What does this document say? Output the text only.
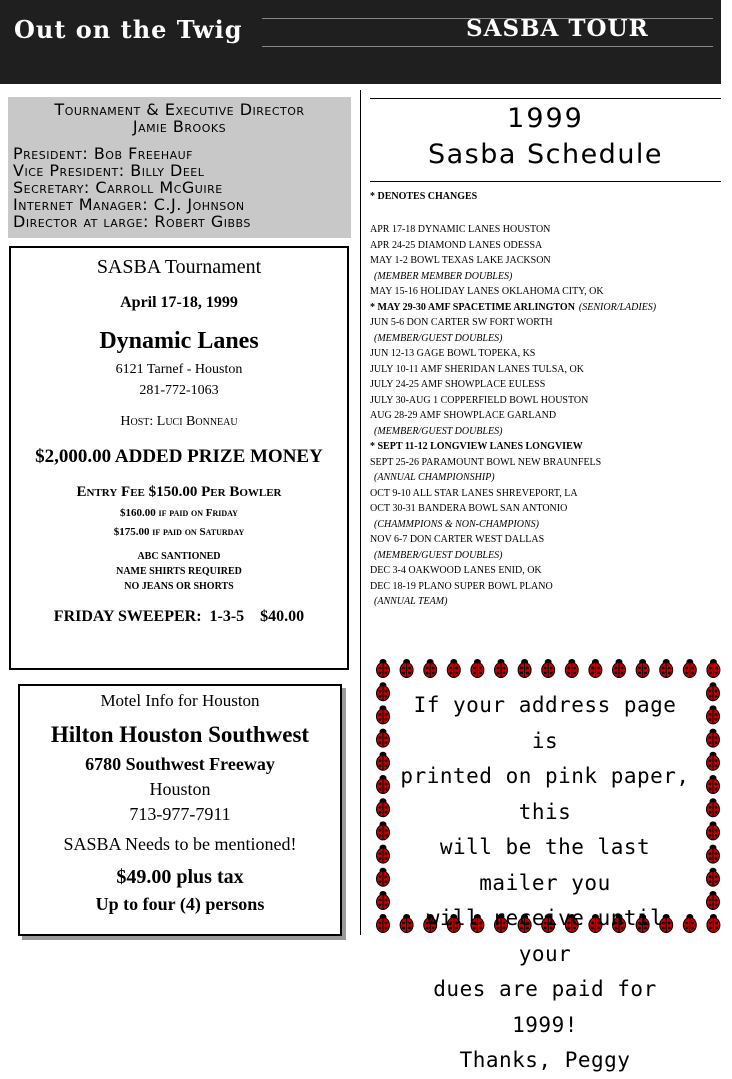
Out on the Twig	SASBA TOUR
Tournament & Executive Director
Jamie Brooks
President: Bob Freehauf
Vice President: Billy Deel
Secretary: Carroll McGuire
Internet Manager: C.J. Johnson
Director at large: Robert Gibbs
SASBA Tournament
April 17-18, 1999
Dynamic Lanes
6121 Tarnef - Houston
281-772-1063
Host: Luci Bonneau
$2,000.00 ADDED PRIZE MONEY
Entry Fee $150.00 Per Bowler
$160.00 if paid on Friday
$175.00 if paid on Saturday
ABC SANTIONED
NAME SHIRTS REQUIRED
NO JEANS OR SHORTS
FRIDAY SWEEPER:  1-3-5    $40.00
Motel Info for Houston
Hilton Houston Southwest
6780 Southwest Freeway
Houston
713-977-7911
SASBA Needs to be mentioned!
$49.00 plus tax
Up to four (4) persons
1999
Sasba Schedule
* DENOTES CHANGES
APR 17-18 DYNAMIC LANES HOUSTON
APR 24-25 DIAMOND LANES ODESSA
MAY 1-2 BOWL TEXAS LAKE JACKSON
(MEMBER MEMBER DOUBLES)
MAY 15-16 HOLIDAY LANES OKLAHOMA CITY, OK
* MAY 29-30 AMF SPACETIME ARLINGTON (SENIOR/LADIES)
JUN 5-6 DON CARTER SW FORT WORTH
(MEMBER/GUEST DOUBLES)
JUN 12-13 GAGE BOWL TOPEKA, KS
JULY 10-11 AMF SHERIDAN LANES TULSA, OK
JULY 24-25 AMF SHOWPLACE EULESS
JULY 30-AUG 1 COPPERFIELD BOWL HOUSTON
AUG 28-29 AMF SHOWPLACE GARLAND
(MEMBER/GUEST DOUBLES)
* SEPT 11-12 LONGVIEW LANES LONGVIEW
SEPT 25-26 PARAMOUNT BOWL NEW BRAUNFELS
(ANNUAL CHAMPIONSHIP)
OCT 9-10 ALL STAR LANES SHREVEPORT, LA
OCT 30-31 BANDERA BOWL SAN ANTONIO
(CHAMMPIONS & NON-CHAMPIONS)
NOV 6-7 DON CARTER WEST DALLAS
(MEMBER/GUEST DOUBLES)
DEC 3-4 OAKWOOD LANES ENID, OK
DEC 18-19 PLANO SUPER BOWL PLANO
(ANNUAL TEAM)
If your address page is
printed on pink paper, this
will be the last mailer you
will receive until your
dues are paid for 1999!
Thanks, Peggy
